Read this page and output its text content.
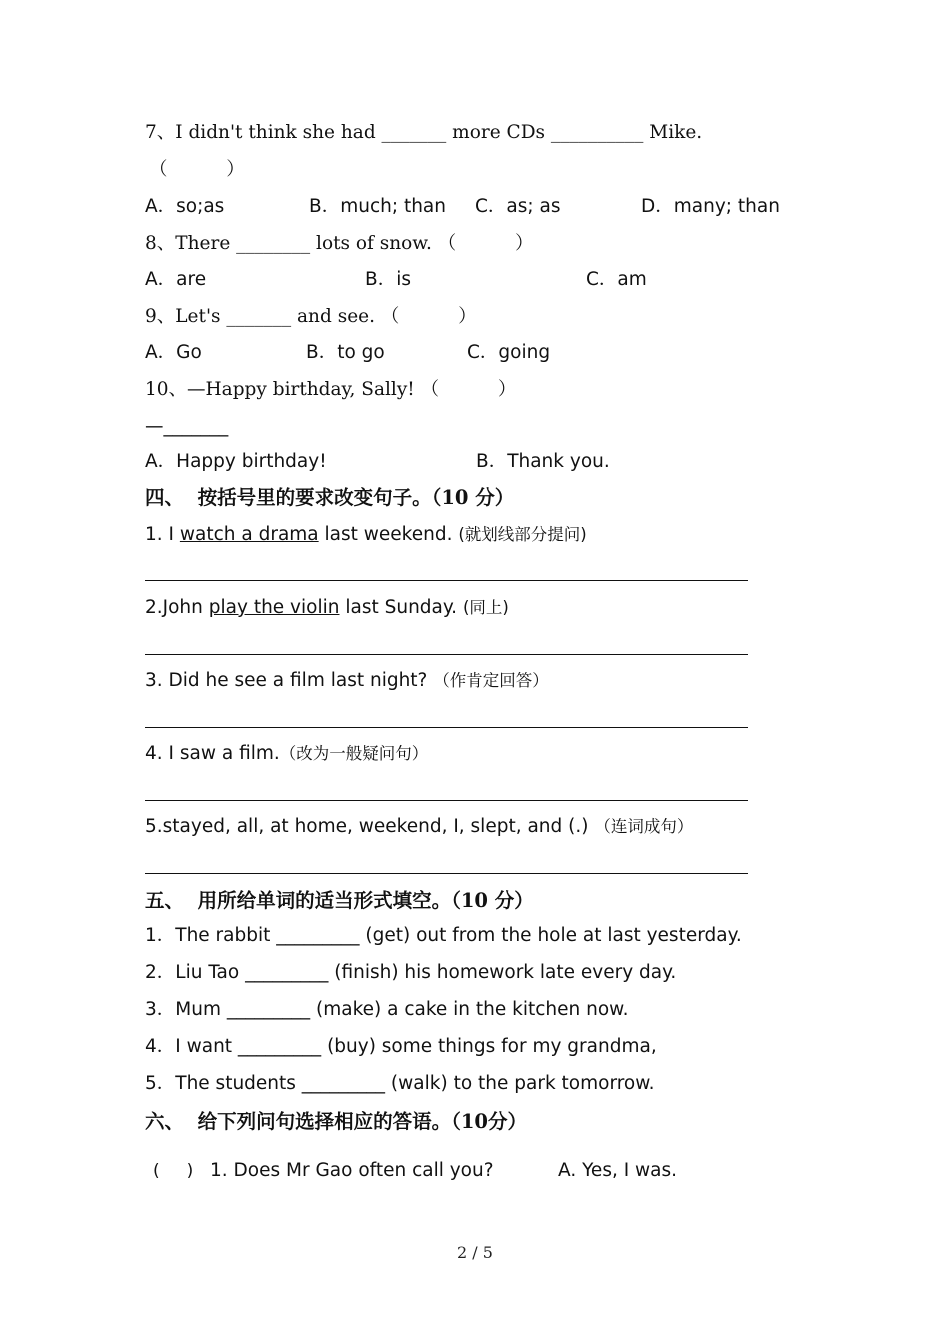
7、I didn't think she had _______ more CDs __________ Mike.
（          ）
A．so;as	B．much; than C．as; as	D．many; than
8、There ________ lots of snow. （          ）
A．are	B．is	C．am
9、Let's _______ and see. （          ）
A．Go	B．to go	C．going
10、—Happy birthday, Sally! （          ）
—_______
A．Happy birthday!	B．Thank you.
四、  按括号里的要求改变句子。（10 分）
1. I watch a drama last weekend. (就划线部分提问)
2.John play the violin last Sunday. (同上)
3. Did he see a film last night? （作肯定回答）
4. I saw a film.（改为一般疑问句）
5.stayed, all, at home, weekend, I, slept, and (.) （连词成句）
五、  用所给单词的适当形式填空。（10 分）
1．The rabbit _________ (get) out from the hole at last yesterday.
2．Liu Tao _________ (finish) his homework late every day.
3．Mum _________ (make) a cake in the kitchen now.
4．I want _________ (buy) some things for my grandma,
5．The students _________ (walk) to the park tomorrow.
六、  给下列问句选择相应的答语。（10分）
(     ) 1. Does Mr Gao often call you?	A. Yes, I was.
2 / 5
